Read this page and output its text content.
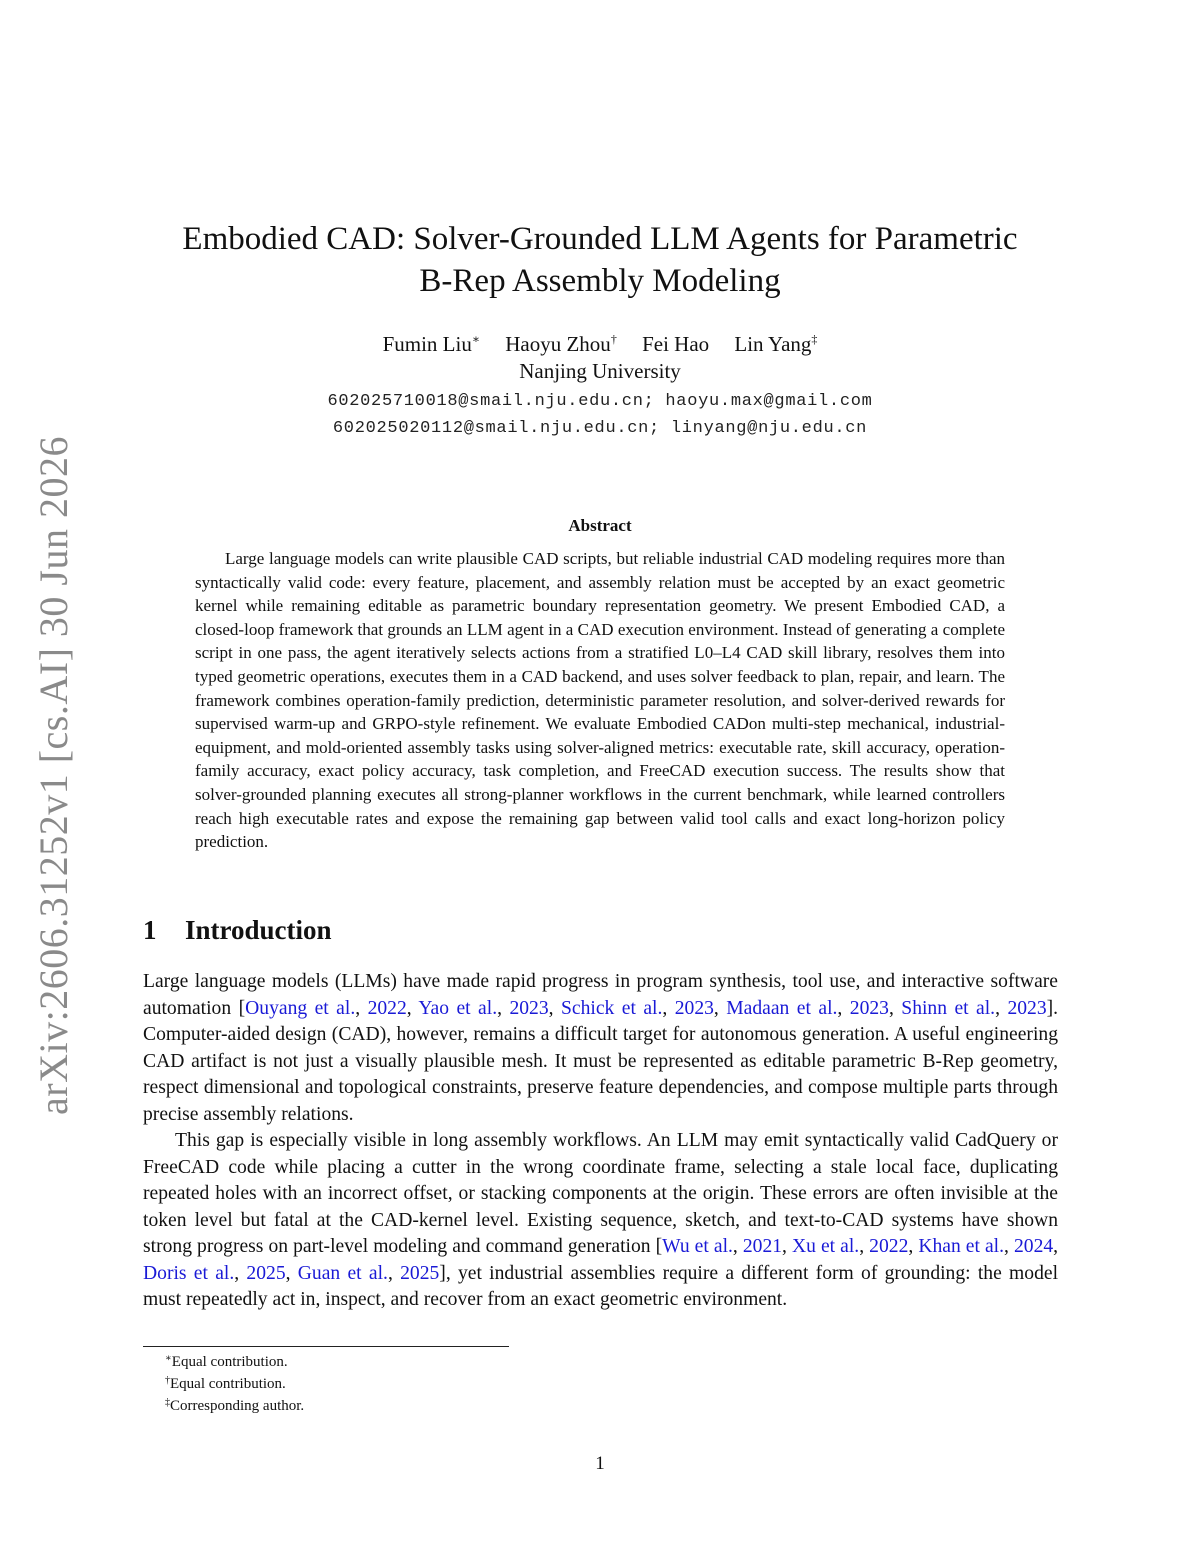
arXiv:2606.31252v1 [cs.AI] 30 Jun 2026
Embodied CAD: Solver-Grounded LLM Agents for Parametric
B-Rep Assembly Modeling
Fumin Liu∗ Haoyu Zhou† Fei Hao Lin Yang‡
Nanjing University
602025710018@smail.nju.edu.cn; haoyu.max@gmail.com
602025020112@smail.nju.edu.cn; linyang@nju.edu.cn
Abstract

Large language models can write plausible CAD scripts, but reliable industrial CAD modeling requires more than syntactically valid code: every feature, placement, and assembly relation must be accepted by an exact geometric kernel while remaining editable as parametric boundary representation geometry. We present Embodied CAD, a closed-loop framework that grounds an LLM agent in a CAD execution environment. Instead of generating a complete script in one pass, the agent iteratively selects actions from a stratified L0–L4 CAD skill library, resolves them into typed geometric operations, executes them in a CAD backend, and uses solver feedback to plan, repair, and learn. The framework combines operation-family prediction, deterministic parameter resolution, and solver-derived rewards for supervised warm-up and GRPO-style refinement. We evaluate Embodied CADon multi-step mechanical, industrial-equipment, and mold-oriented assembly tasks using solver-aligned metrics: executable rate, skill accuracy, operation-family accuracy, exact policy accuracy, task completion, and FreeCAD execution success. The results show that solver-grounded planning executes all strong-planner workflows in the current benchmark, while learned controllers reach high executable rates and expose the remaining gap between valid tool calls and exact long-horizon policy prediction.

1 Introduction

Large language models (LLMs) have made rapid progress in program synthesis, tool use, and interactive software automation [Ouyang et al., 2022, Yao et al., 2023, Schick et al., 2023, Madaan et al., 2023, Shinn et al., 2023]. Computer-aided design (CAD), however, remains a difficult target for autonomous generation. A useful engineering CAD artifact is not just a visually plausible mesh. It must be represented as editable parametric B-Rep geometry, respect dimensional and topological constraints, preserve feature dependencies, and compose multiple parts through precise assembly relations.

This gap is especially visible in long assembly workflows. An LLM may emit syntactically valid CadQuery or FreeCAD code while placing a cutter in the wrong coordinate frame, selecting a stale local face, duplicating repeated holes with an incorrect offset, or stacking components at the origin. These errors are often invisible at the token level but fatal at the CAD-kernel level. Existing sequence, sketch, and text-to-CAD systems have shown strong progress on part-level modeling and command generation [Wu et al., 2021, Xu et al., 2022, Khan et al., 2024, Doris et al., 2025, Guan et al., 2025], yet industrial assemblies require a different form of grounding: the model must repeatedly act in, inspect, and recover from an exact geometric environment.

∗Equal contribution.
†Equal contribution.
‡Corresponding author.
1
